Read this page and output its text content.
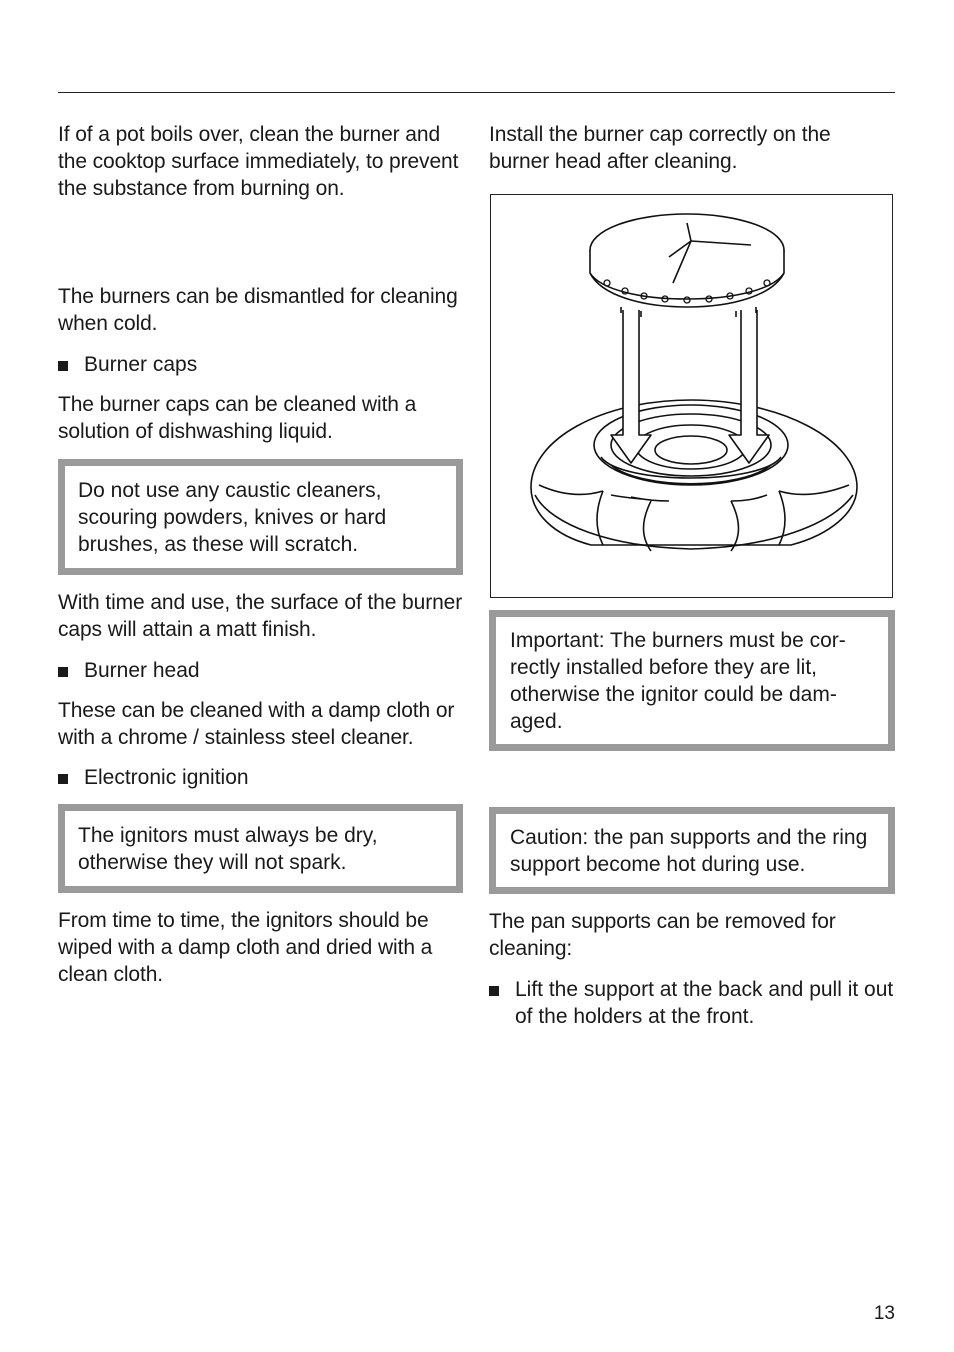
If of a pot boils over, clean the burner and the cooktop surface immediately, to prevent the substance from burning on.

The burners can be dismantled for cleaning when cold.

Burner caps

The burner caps can be cleaned with a solution of dishwashing liquid.

Do not use any caustic cleaners, scouring powders, knives or hard brushes, as these will scratch.

With time and use, the surface of the burner caps will attain a matt finish.

Burner head

These can be cleaned with a damp cloth or with a chrome / stainless steel cleaner.

Electronic ignition

The ignitors must always be dry, otherwise they will not spark.

From time to time, the ignitors should be wiped with a damp cloth and dried with a clean cloth.

Install the burner cap correctly on the burner head after cleaning.

Important: The burners must be cor-rectly installed before they are lit, otherwise the ignitor could be dam-aged.
Caution: the pan supports and the ring support become hot during use.

The pan supports can be removed for cleaning:

Lift the support at the back and pull it out of the holders at the front.

13
